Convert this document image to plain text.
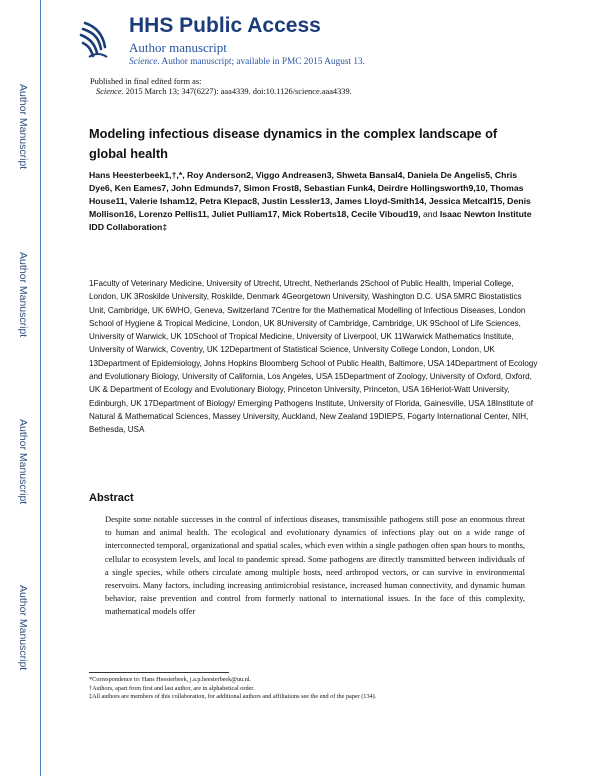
Author Manuscript
Author Manuscript
Author Manuscript
Author Manuscript
HHS Public Access
Author manuscript
Science. Author manuscript; available in PMC 2015 August 13.
Published in final edited form as:
Science. 2015 March 13; 347(6227): aaa4339. doi:10.1126/science.aaa4339.
Modeling infectious disease dynamics in the complex landscape of global health
Hans Heesterbeek1,†,*, Roy Anderson2, Viggo Andreasen3, Shweta Bansal4, Daniela De Angelis5, Chris Dye6, Ken Eames7, John Edmunds7, Simon Frost8, Sebastian Funk4, Deirdre Hollingsworth9,10, Thomas House11, Valerie Isham12, Petra Klepac8, Justin Lessler13, James Lloyd-Smith14, Jessica Metcalf15, Denis Mollison16, Lorenzo Pellis11, Juliet Pulliam17, Mick Roberts18, Cecile Viboud19, and Isaac Newton Institute IDD Collaboration‡
1Faculty of Veterinary Medicine, University of Utrecht, Utrecht, Netherlands 2School of Public Health, Imperial College, London, UK 3Roskilde University, Roskilde, Denmark 4Georgetown University, Washington D.C. USA 5MRC Biostatistics Unit, Cambridge, UK 6WHO, Geneva, Switzerland 7Centre for the Mathematical Modelling of Infectious Diseases, London School of Hygiene & Tropical Medicine, London, UK 8University of Cambridge, Cambridge, UK 9School of Life Sciences, University of Warwick, UK 10School of Tropical Medicine, University of Liverpool, UK 11Warwick Mathematics Institute, University of Warwick, Coventry, UK 12Department of Statistical Science, University College London, London, UK 13Department of Epidemiology, Johns Hopkins Bloomberg School of Public Health, Baltimore, USA 14Department of Ecology and Evolutionary Biology, University of California, Los Angeles, USA 15Department of Zoology, University of Oxford, Oxford, UK & Department of Ecology and Evolutionary Biology, Princeton University, Princeton, USA 16Heriot-Watt University, Edinburgh, UK 17Department of Biology/ Emerging Pathogens Institute, University of Florida, Gainesville, USA 18Institute of Natural & Mathematical Sciences, Massey University, Auckland, New Zealand 19DIEPS, Fogarty International Center, NIH, Bethesda, USA
Abstract
Despite some notable successes in the control of infectious diseases, transmissible pathogens still pose an enormous threat to human and animal health. The ecological and evolutionary dynamics of infections play out on a wide range of interconnected temporal, organizational and spatial scales, which even within a single pathogen often span hours to months, cellular to ecosystem levels, and local to pandemic spread. Some pathogens are directly transmitted between individuals of a single species, while others circulate among multiple hosts, need arthropod vectors, or can survive in environmental reservoirs. Many factors, including increasing antimicrobial resistance, increased human connectivity, and dynamic human behavior, raise prevention and control from formerly national to international issues. In the face of this complexity, mathematical models offer
*Correspondence to: Hans Heesterbeek, j.a.p.heesterbeek@uu.nl.
†Authors, apart from first and last author, are in alphabetical order.
‡All authors are members of this collaboration, for additional authors and affiliations see the end of the paper (134).
